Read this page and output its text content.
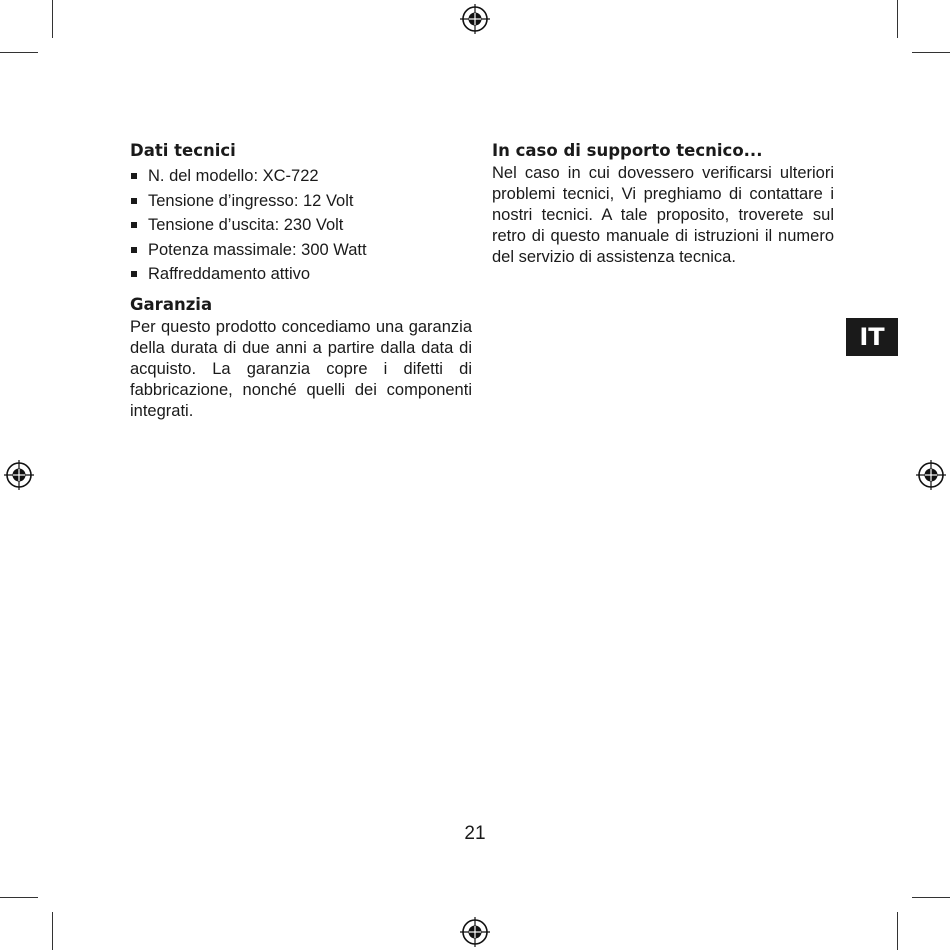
Dati tecnici
N. del modello: XC-722
Tensione d’ingresso: 12 Volt
Tensione d’uscita: 230 Volt
Potenza massimale: 300 Watt
Raffreddamento attivo
Garanzia

Per questo prodotto concediamo una garanzia della durata di due anni a partire dalla data di acquisto. La garanzia copre i difetti di fabbricazione, nonché quelli dei componenti integrati.

In caso di supporto tecnico...

Nel caso in cui dovessero verificarsi ulteriori problemi tecnici, Vi preghiamo di contattare i nostri tecnici. A tale proposito, troverete sul retro di questo manuale di istruzioni il numero del servizio di assistenza tecnica.

IT
21
